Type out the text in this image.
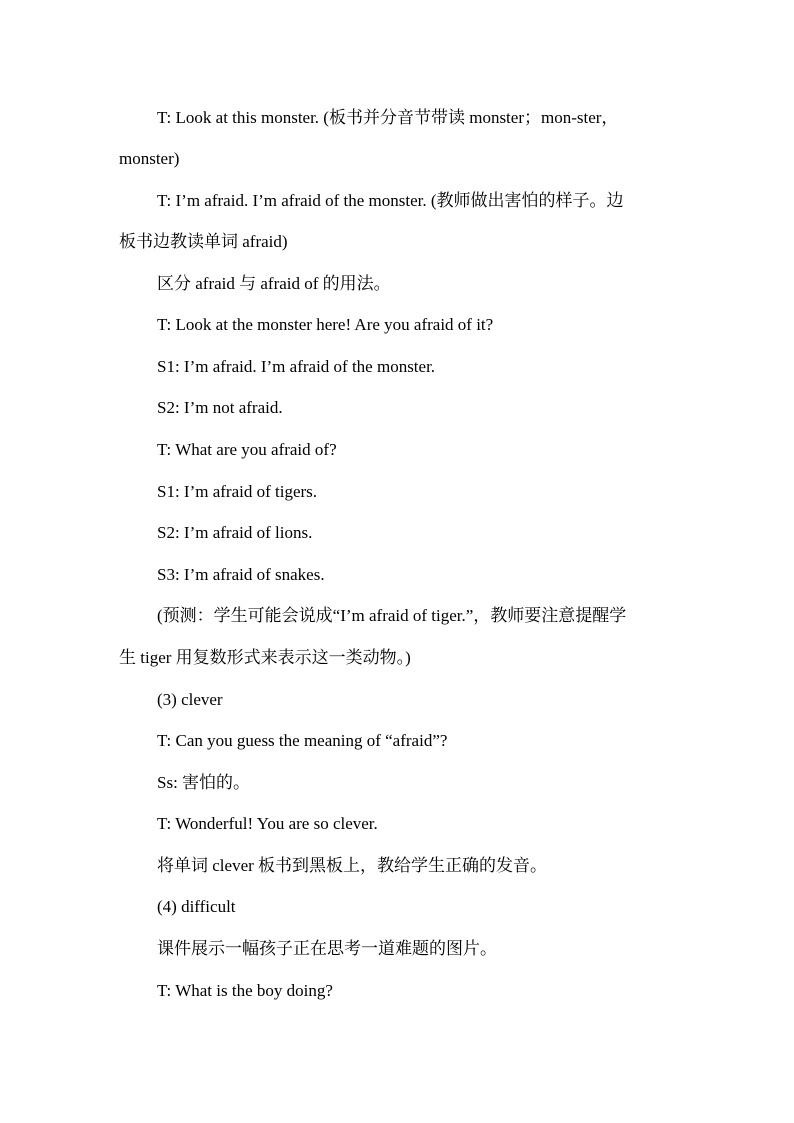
T: Look at this monster. (板书并分音节带读 monster；mon-ster，
monster)
T: I’m afraid. I’m afraid of the monster. (教师做出害怕的样子。边
板书边教读单词 afraid)
区分 afraid 与 afraid of 的用法。
T: Look at the monster here! Are you afraid of it?
S1: I’m afraid. I’m afraid of the monster.
S2: I’m not afraid.
T: What are you afraid of?
S1: I’m afraid of tigers.
S2: I’m afraid of lions.
S3: I’m afraid of snakes.
(预测：学生可能会说成“I’m afraid of tiger.”，教师要注意提醒学
生 tiger 用复数形式来表示这一类动物。)
(3) clever
T: Can you guess the meaning of “afraid”?
Ss: 害怕的。
T: Wonderful! You are so clever.
将单词 clever 板书到黑板上，教给学生正确的发音。
(4) difficult
课件展示一幅孩子正在思考一道难题的图片。
T: What is the boy doing?
